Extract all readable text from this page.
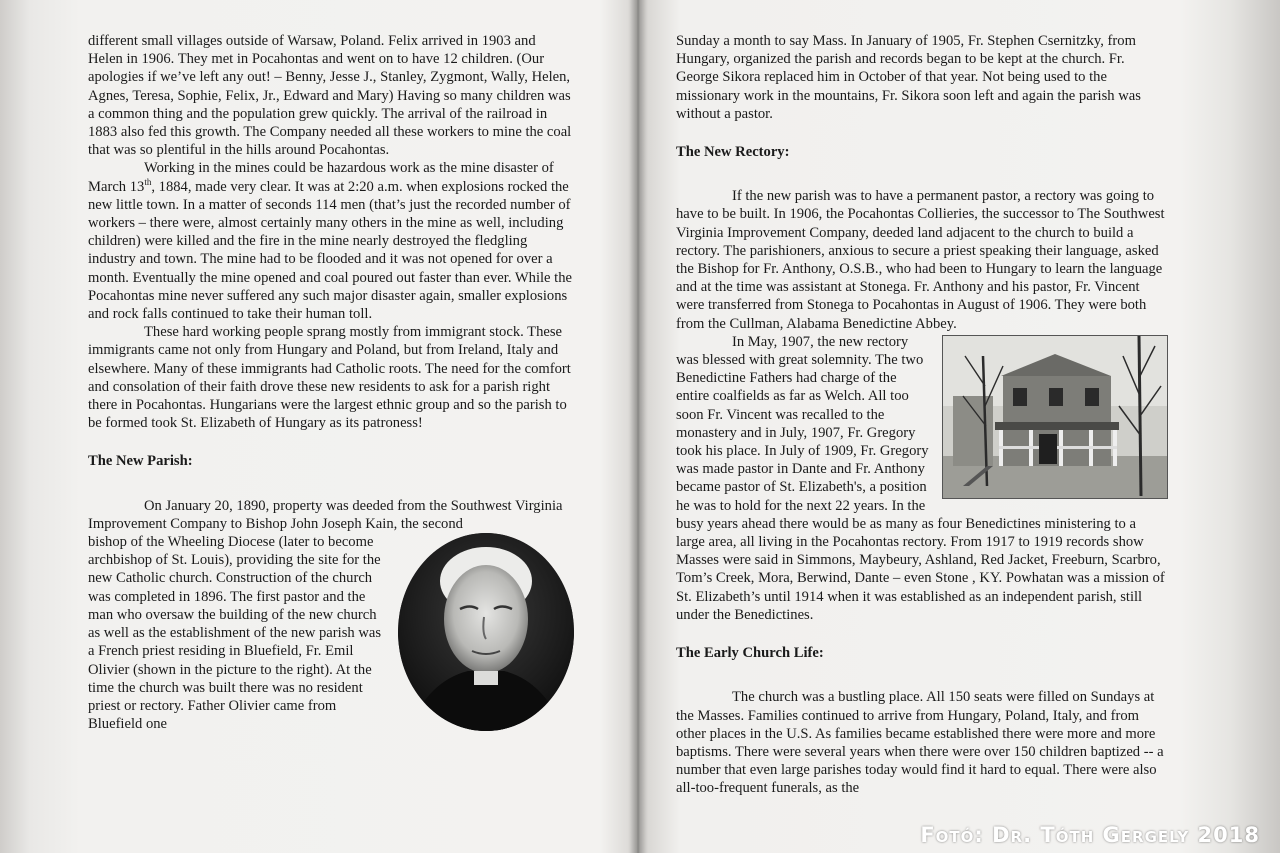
different small villages outside of Warsaw, Poland. Felix arrived in 1903 and Helen in 1906. They met in Pocahontas and went on to have 12 children. (Our apologies if we’ve left any out! – Benny, Jesse J., Stanley, Zygmont, Wally, Helen, Agnes, Teresa, Sophie, Felix, Jr., Edward and Mary) Having so many children was a common thing and the population grew quickly. The arrival of the railroad in 1883 also fed this growth. The Company needed all these workers to mine the coal that was so plentiful in the hills around Pocahontas.

Working in the mines could be hazardous work as the mine disaster of March 13th, 1884, made very clear. It was at 2:20 a.m. when explosions rocked the new little town. In a matter of seconds 114 men (that’s just the recorded number of workers – there were, almost certainly many others in the mine as well, including children) were killed and the fire in the mine nearly destroyed the fledgling industry and town. The mine had to be flooded and it was not opened for over a month. Eventually the mine opened and coal poured out faster than ever. While the Pocahontas mine never suffered any such major disaster again, smaller explosions and rock falls continued to take their human toll.

These hard working people sprang mostly from immigrant stock. These immigrants came not only from Hungary and Poland, but from Ireland, Italy and elsewhere. Many of these immigrants had Catholic roots. The need for the comfort and consolation of their faith drove these new residents to ask for a parish right there in Pocahontas. Hungarians were the largest ethnic group and so the parish to be formed took St. Elizabeth of Hungary as its patroness!

The New Parish:

On January 20, 1890, property was deeded from the Southwest Virginia Improvement Company to Bishop John Joseph Kain, the second

bishop of the Wheeling Diocese (later to become archbishop of St. Louis), providing the site for the new Catholic church. Construction of the church was completed in 1896. The first pastor and the man who oversaw the building of the new church as well as the establishment of the new parish was a French priest residing in Bluefield, Fr. Emil Olivier (shown in the picture to the right). At the time the church was built there was no resident priest or rectory. Father Olivier came from Bluefield one

Sunday a month to say Mass. In January of 1905, Fr. Stephen Csernitzky, from Hungary, organized the parish and records began to be kept at the church. Fr. George Sikora replaced him in October of that year. Not being used to the missionary work in the mountains, Fr. Sikora soon left and again the parish was without a pastor.

The New Rectory:

If the new parish was to have a permanent pastor, a rectory was going to have to be built. In 1906, the Pocahontas Collieries, the successor to The Southwest Virginia Improvement Company, deeded land adjacent to the church to build a rectory. The parishioners, anxious to secure a priest speaking their language, asked the Bishop for Fr. Anthony, O.S.B., who had been to Hungary to learn the language and at the time was assistant at Stonega. Fr. Anthony and his pastor, Fr. Vincent were transferred from Stonega to Pocahontas in August of 1906. They were both from the Cullman, Alabama Benedictine Abbey.

In May, 1907, the new rectory was blessed with great solemnity. The two Benedictine Fathers had charge of the entire coalfields as far as Welch. All too soon Fr. Vincent was recalled to the monastery and in July, 1907, Fr. Gregory took his place. In July of 1909, Fr. Gregory was made pastor in Dante and Fr. Anthony became pastor of St. Elizabeth's, a position he was to hold for the next 22 years. In the busy years ahead there would be as many as four Benedictines ministering to a large area, all living in the Pocahontas rectory. From 1917 to 1919 records show Masses were said in Simmons, Maybeury, Ashland, Red Jacket, Freeburn, Scarbro, Tom’s Creek, Mora, Berwind, Dante – even Stone , KY. Powhatan was a mission of St. Elizabeth’s until 1914 when it was established as an independent parish, still under the Benedictines.

The Early Church Life:

The church was a bustling place. All 150 seats were filled on Sundays at the Masses. Families continued to arrive from Hungary, Poland, Italy, and from other places in the U.S. As families became established there were more and more baptisms. There were several years when there were over 150 children baptized -- a number that even large parishes today would find it hard to equal. There were also all-too-frequent funerals, as the

Fotó: Dr. Tóth Gergely 2018
